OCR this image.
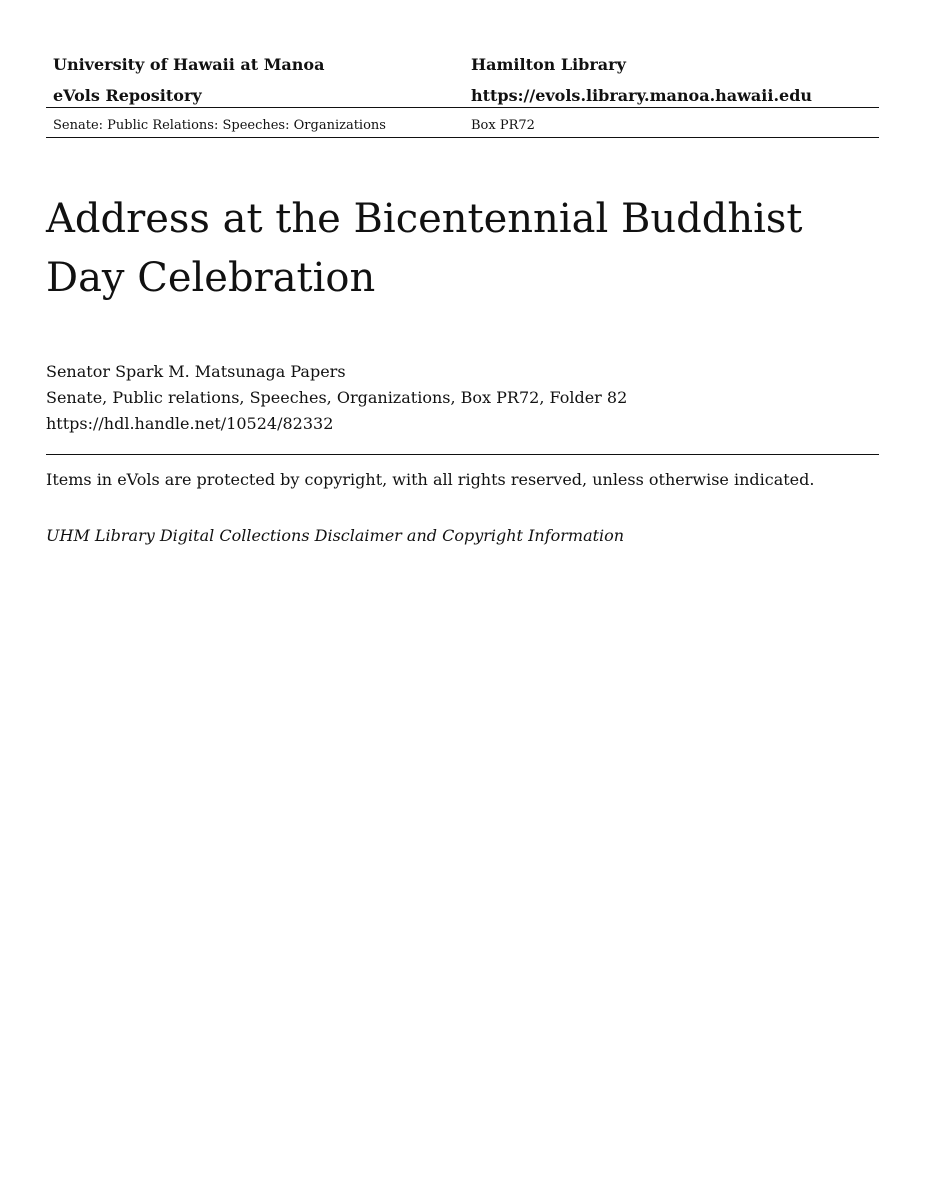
University of Hawaii at Manoa	Hamilton Library
eVols Repository	https://evols.library.manoa.hawaii.edu
Senate: Public Relations: Speeches: Organizations	Box PR72
Address at the Bicentennial Buddhist Day Celebration
Senator Spark M. Matsunaga Papers
Senate, Public relations, Speeches, Organizations, Box PR72, Folder 82
https://hdl.handle.net/10524/82332
Items in eVols are protected by copyright, with all rights reserved, unless otherwise indicated.
UHM Library Digital Collections Disclaimer and Copyright Information
